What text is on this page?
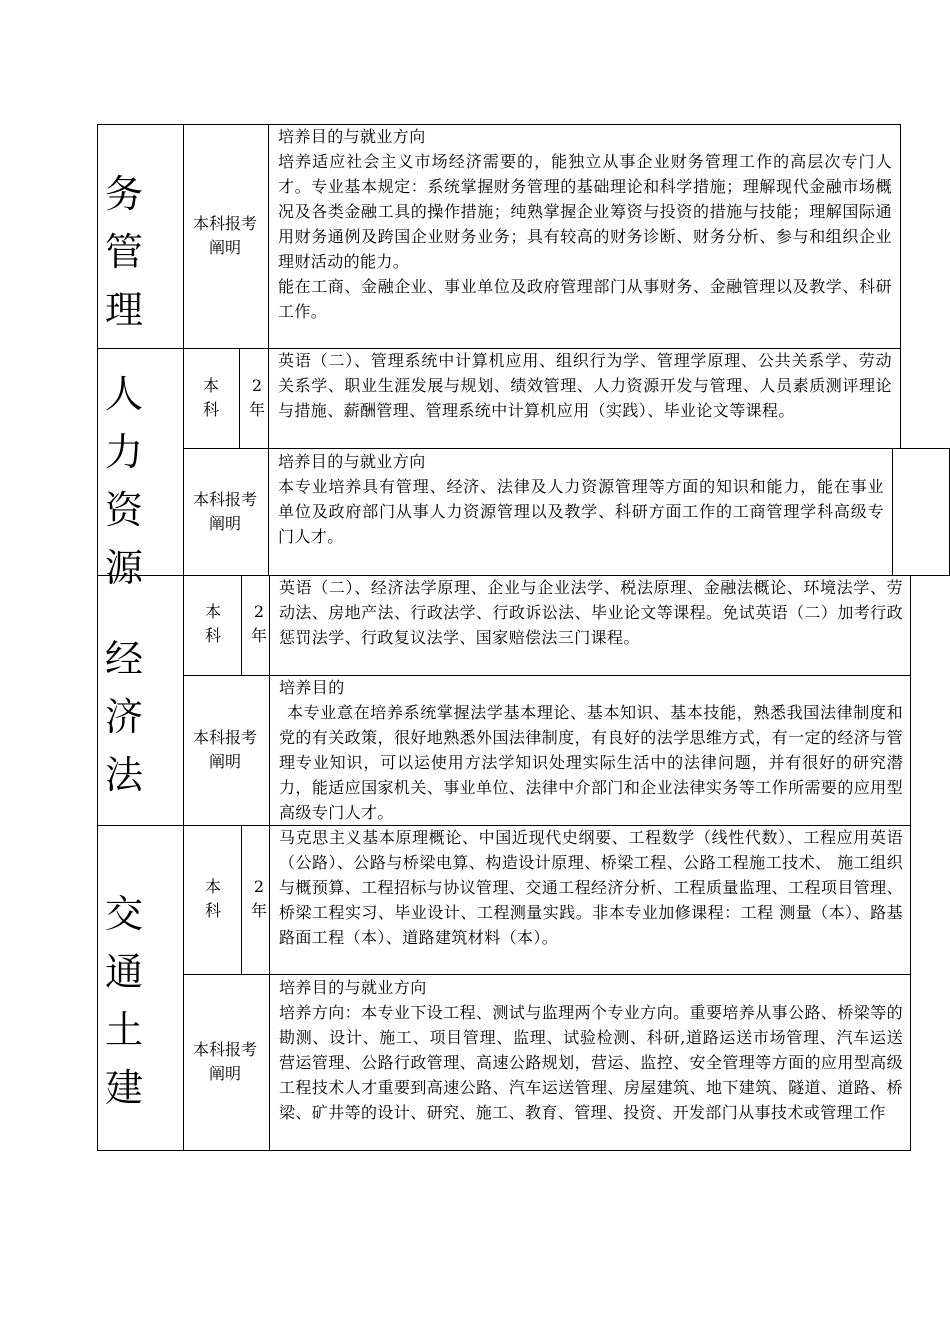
务管理
本科报考阐明

培养目的与就业方向

培养适应社会主义市场经济需要的，能独立从事企业财务管理工作的高层次专门人才。专业基本规定：系统掌握财务管理的基础理论和科学措施；理解现代金融市场概况及各类金融工具的操作措施；纯熟掌握企业筹资与投资的措施与技能；理解国际通用财务通例及跨国企业财务业务；具有较高的财务诊断、财务分析、参与和组织企业理财活动的能力。

能在工商、金融企业、事业单位及政府管理部门从事财务、金融管理以及教学、科研工作。

人力资源
本科
2年
英语（二）、管理系统中计算机应用、组织行为学、管理学原理、公共关系学、劳动关系学、职业生涯发展与规划、绩效管理、人力资源开发与管理、人员素质测评理论与措施、薪酬管理、管理系统中计算机应用（实践）、毕业论文等课程。
本科报考阐明

培养目的与就业方向

本专业培养具有管理、经济、法律及人力资源管理等方面的知识和能力，能在事业单位及政府部门从事人力资源管理以及教学、科研方面工作的工商管理学科高级专门人才。

经济法
本科
2年
英语（二）、经济法学原理、企业与企业法学、税法原理、金融法概论、环境法学、劳动法、房地产法、行政法学、行政诉讼法、毕业论文等课程。免试英语（二）加考行政惩罚法学、行政复议法学、国家赔偿法三门课程。
本科报考阐明

培养目的

本专业意在培养系统掌握法学基本理论、基本知识、基本技能，熟悉我国法律制度和党的有关政策，很好地熟悉外国法律制度，有良好的法学思维方式，有一定的经济与管理专业知识，可以运使用方法学知识处理实际生活中的法律问题，并有很好的研究潜力，能适应国家机关、事业单位、法律中介部门和企业法律实务等工作所需要的应用型高级专门人才。

交通土建
本科
2年
马克思主义基本原理概论、中国近现代史纲要、工程数学（线性代数）、工程应用英语（公路）、公路与桥梁电算、构造设计原理、桥梁工程、公路工程施工技术、 施工组织与概预算、工程招标与协议管理、交通工程经济分析、工程质量监理、工程项目管理、桥梁工程实习、毕业设计、工程测量实践。非本专业加修课程：工程 测量（本）、路基路面工程（本）、道路建筑材料（本）。
本科报考阐明

培养目的与就业方向

培养方向：本专业下设工程、测试与监理两个专业方向。重要培养从事公路、桥梁等的勘测、设计、施工、项目管理、监理、试验检测、科研,道路运送市场管理、汽车运送营运管理、公路行政管理、高速公路规划，营运、监控、安全管理等方面的应用型高级工程技术人才重要到高速公路、汽车运送管理、房屋建筑、地下建筑、隧道、道路、桥梁、矿井等的设计、研究、施工、教育、管理、投资、开发部门从事技术或管理工作
